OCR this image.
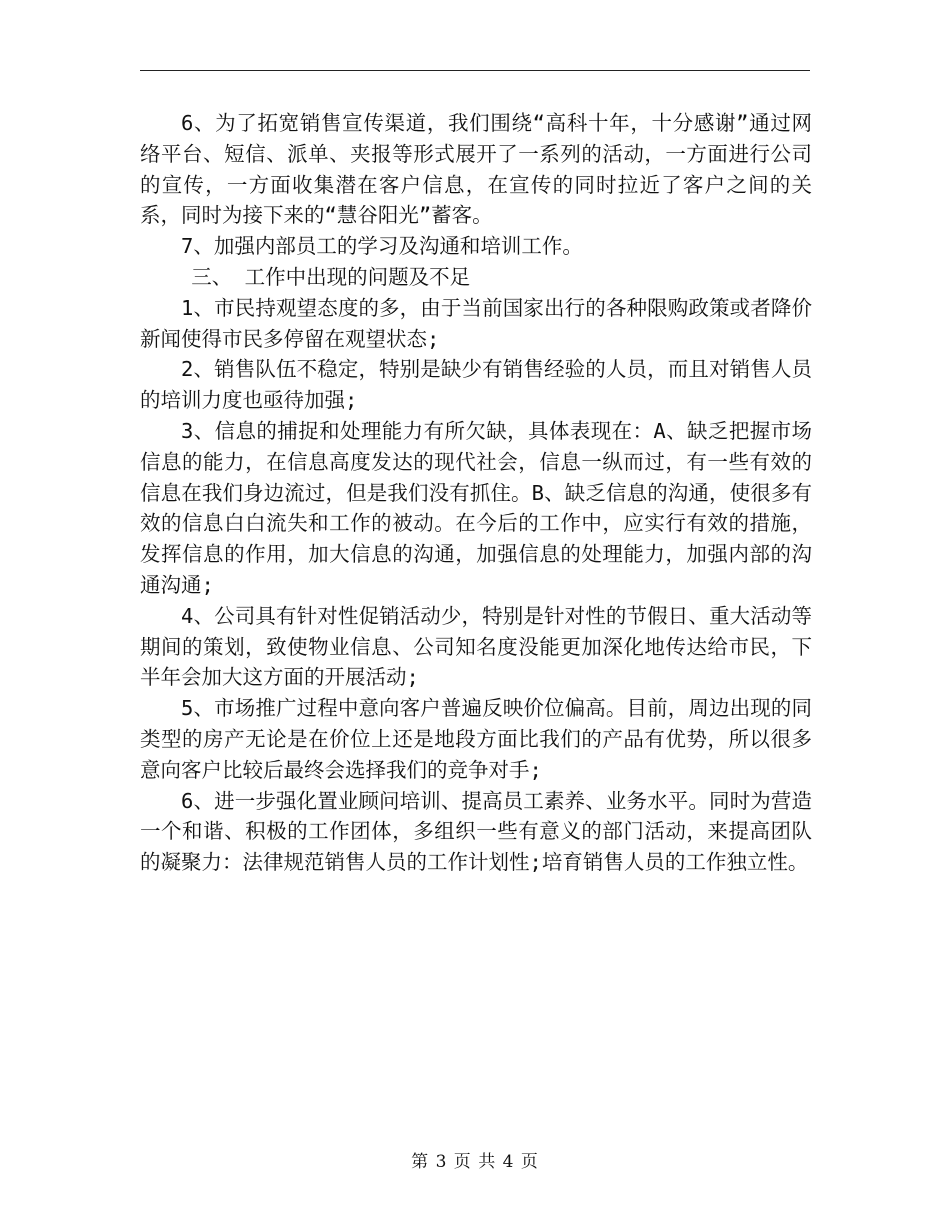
6、为了拓宽销售宣传渠道，我们围绕“高科十年，十分感谢”通过网络平台、短信、派单、夹报等形式展开了一系列的活动，一方面进行公司的宣传，一方面收集潜在客户信息，在宣传的同时拉近了客户之间的关系，同时为接下来的“慧谷阳光”蓄客。

7、加强内部员工的学习及沟通和培训工作。

三、 工作中出现的问题及不足

1、市民持观望态度的多，由于当前国家出行的各种限购政策或者降价新闻使得市民多停留在观望状态;

2、销售队伍不稳定，特别是缺少有销售经验的人员，而且对销售人员的培训力度也亟待加强;

3、信息的捕捉和处理能力有所欠缺，具体表现在：A、缺乏把握市场信息的能力，在信息高度发达的现代社会，信息一纵而过，有一些有效的信息在我们身边流过，但是我们没有抓住。B、缺乏信息的沟通，使很多有效的信息白白流失和工作的被动。在今后的工作中，应实行有效的措施，发挥信息的作用，加大信息的沟通，加强信息的处理能力，加强内部的沟通沟通;

4、公司具有针对性促销活动少，特别是针对性的节假日、重大活动等期间的策划，致使物业信息、公司知名度没能更加深化地传达给市民，下半年会加大这方面的开展活动;

5、市场推广过程中意向客户普遍反映价位偏高。目前，周边出现的同类型的房产无论是在价位上还是地段方面比我们的产品有优势，所以很多意向客户比较后最终会选择我们的竞争对手;

6、进一步强化置业顾问培训、提高员工素养、业务水平。同时为营造一个和谐、积极的工作团体，多组织一些有意义的部门活动，来提高团队的凝聚力：法律规范销售人员的工作计划性;培育销售人员的工作独立性。

第 3 页 共 4 页
